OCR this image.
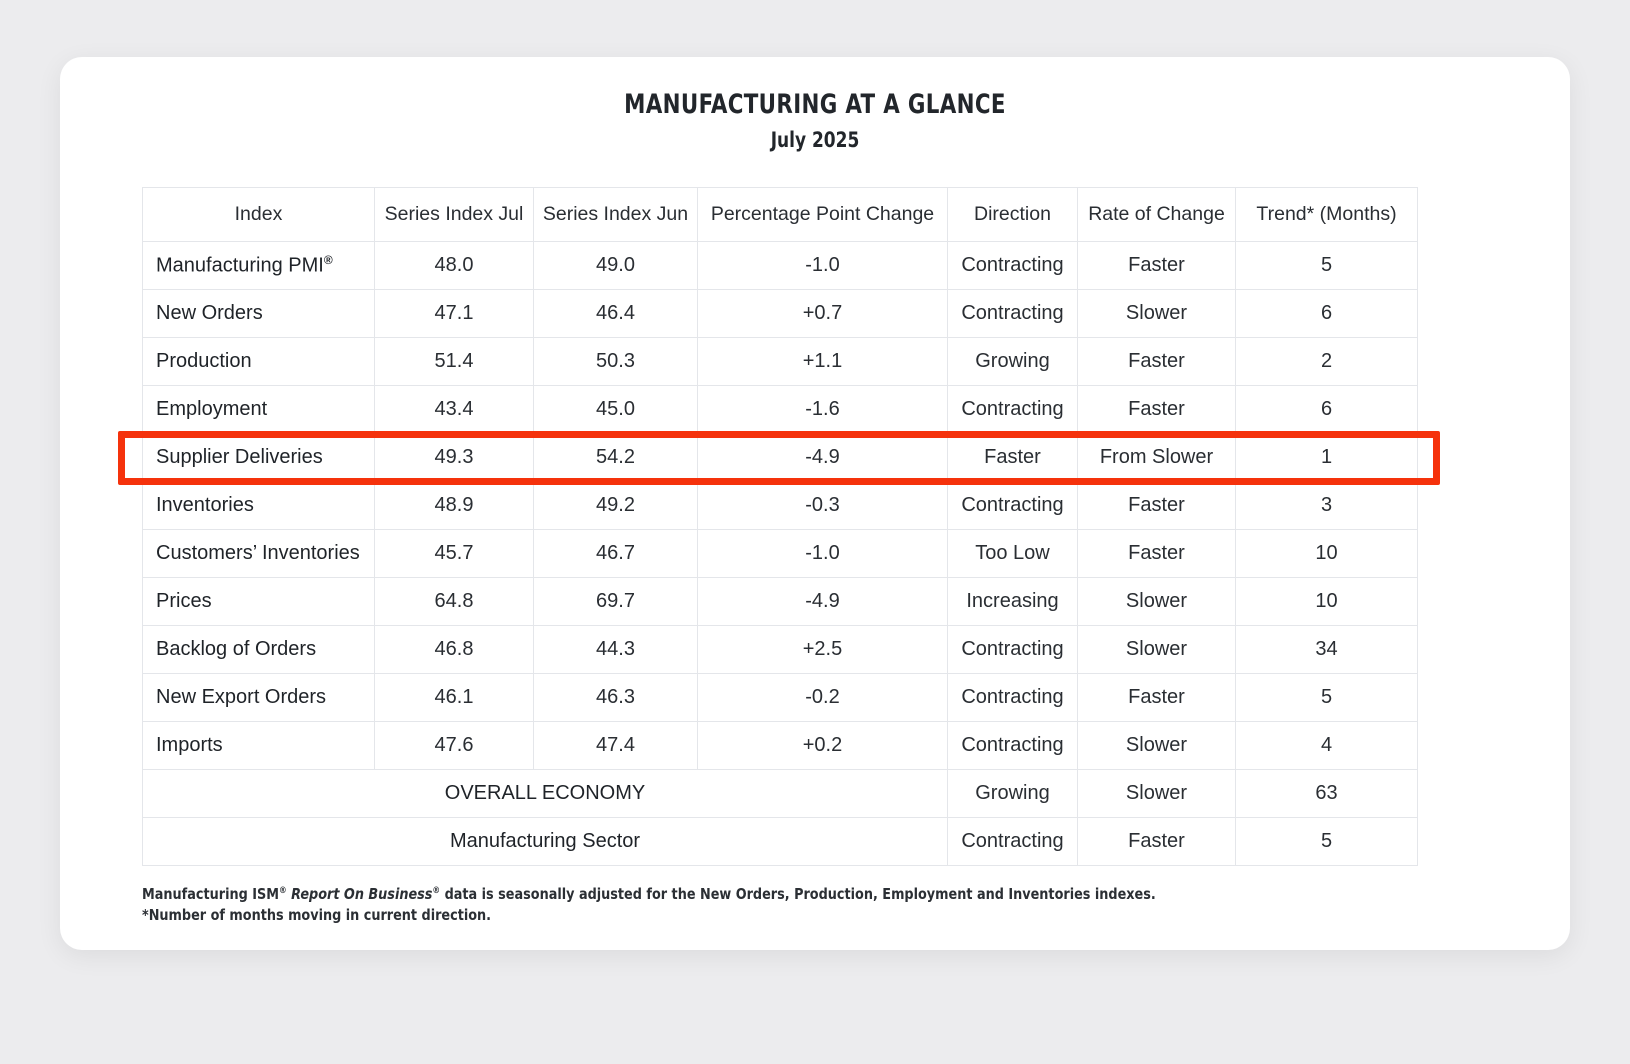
MANUFACTURING AT A GLANCE
July 2025
Index	Series Index Jul	Series Index Jun	Percentage Point Change	Direction	Rate of Change	Trend* (Months)
Manufacturing PMI®	48.0	49.0	-1.0	Contracting	Faster	5
New Orders	47.1	46.4	+0.7	Contracting	Slower	6
Production	51.4	50.3	+1.1	Growing	Faster	2
Employment	43.4	45.0	-1.6	Contracting	Faster	6
Supplier Deliveries	49.3	54.2	-4.9	Faster	From Slower	1
Inventories	48.9	49.2	-0.3	Contracting	Faster	3
Customers’ Inventories	45.7	46.7	-1.0	Too Low	Faster	10
Prices	64.8	69.7	-4.9	Increasing	Slower	10
Backlog of Orders	46.8	44.3	+2.5	Contracting	Slower	34
New Export Orders	46.1	46.3	-0.2	Contracting	Faster	5
Imports	47.6	47.4	+0.2	Contracting	Slower	4
OVERALL ECONOMY				Growing	Slower	63
Manufacturing Sector				Contracting	Faster	5
Manufacturing ISM® Report On Business® data is seasonally adjusted for the New Orders, Production, Employment and Inventories indexes.
*Number of months moving in current direction.
